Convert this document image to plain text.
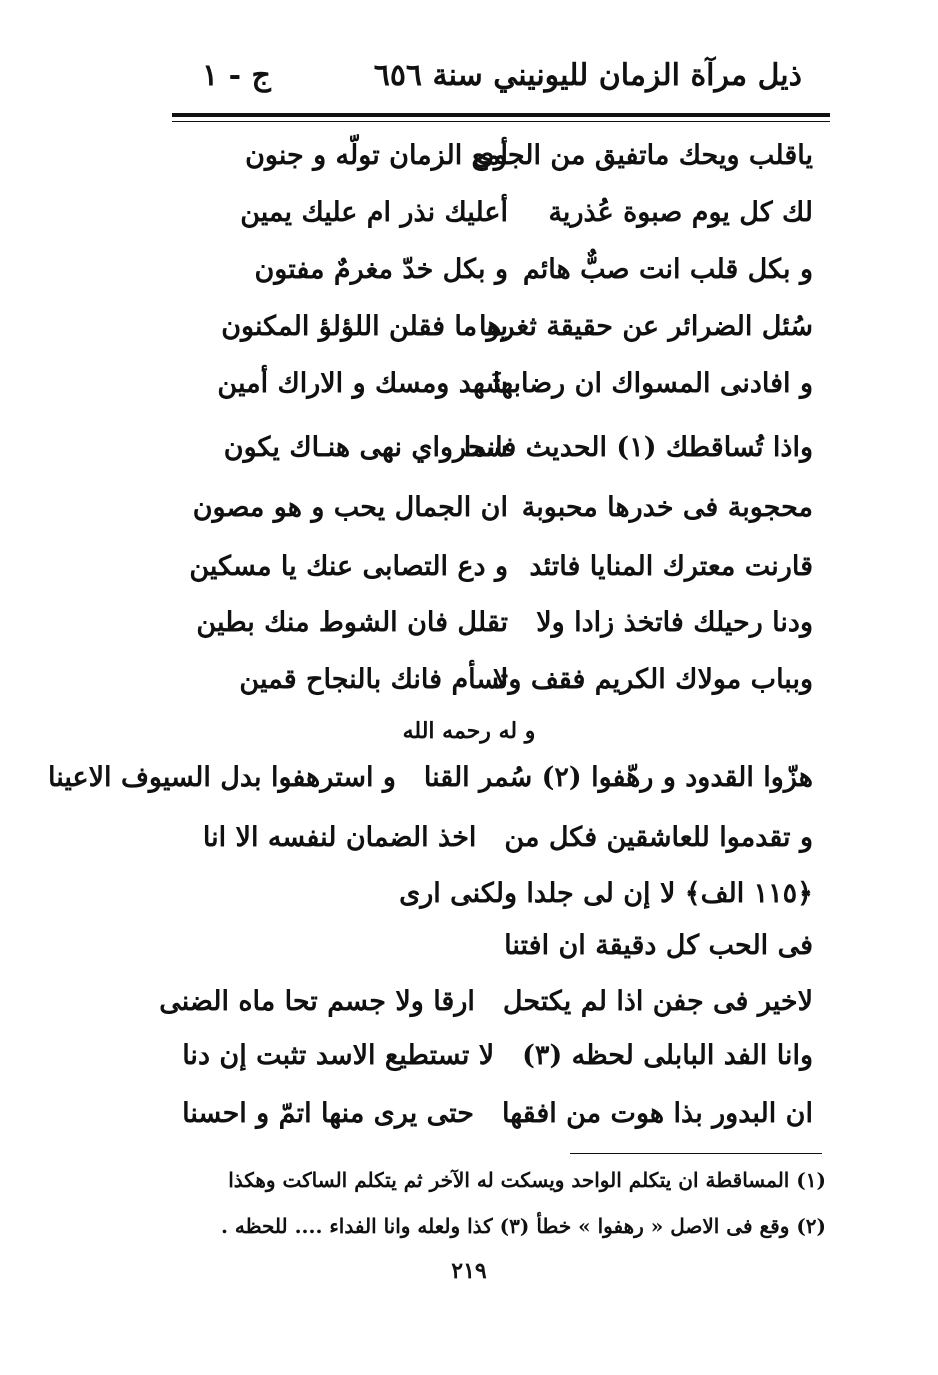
ذيل مرآة الزمان لليونيني سنة ٦٥٦
ج - ١
ياقلب ويحك ماتفيق من الجوى
أمع الزمان تولّه و جنون
لك كل يوم صبوة عُذرية
أعليك نذر ام عليك يمين
و بكل قلب انت صبٌّ هائم
و بكل خدّ مغرمٌ مفتون
سُئل الضرائر عن حقيقة ثغرها
يو ما فقلن اللؤلؤ المكنون
و افادنى المسواك ان رضابها
شَهد ومسك و الاراك أمين
واذا تُساقطك (١) الحديث فانما
سحرواي نهى هنـاك يكون
محجوبة فى خدرها محبوبة
ان الجمال يحب و هو مصون
قارنت معترك المنايا فاتئد
و دع التصابى عنك يا مسكين
ودنا رحيلك فاتخذ زادا ولا
تقلل فان الشوط منك بطين
وبباب مولاك الكريم فقف ولا
تسأم فانك بالنجاح قمين
و له رحمه الله
هزّوا القدود و رهّفوا (٢) سُمر القناو استرهفوا بدل السيوف الاعينا
و تقدموا للعاشقين فكل مناخذ الضمان لنفسه الا انا
﴿١١٥ الف﴾ لا إن لى جلدا ولكنى ارى
فى الحب كل دقيقة ان افتنا
لاخير فى جفن اذا لم يكتحلارقا ولا جسم تحا ماه الضنى
وانا الفد البابلى لحظه (٣)لا تستطيع الاسد تثبت إن دنا
ان البدور بذا هوت من افقهاحتى يرى منها اتمّ و احسنا
(١) المساقطة ان يتكلم الواحد ويسكت له الآخر ثم يتكلم الساكت وهكذا
(٢) وقع فى الاصل « رهفوا » خطأ (٣) كذا ولعله وانا الفداء .... للحظه .
٢١٩
